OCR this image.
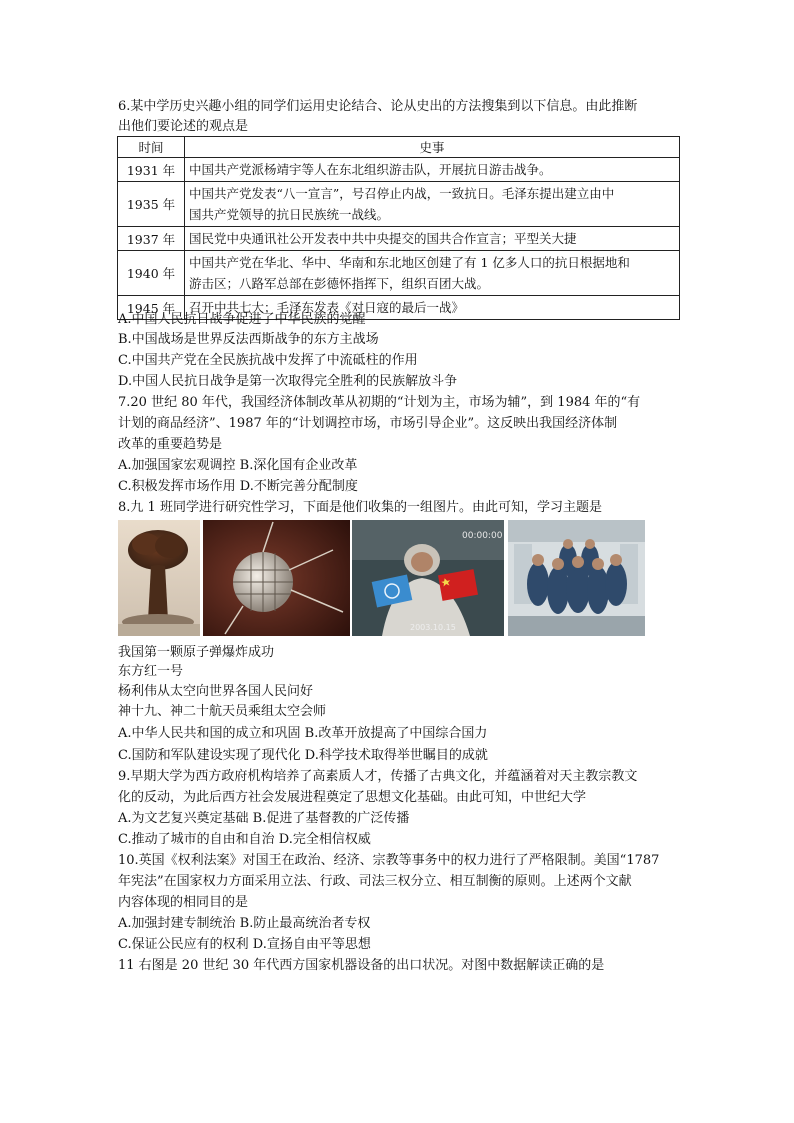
6.某中学历史兴趣小组的同学们运用史论结合、论从史出的方法搜集到以下信息。由此推断
出他们要论述的观点是
时间	史事
1931 年	中国共产党派杨靖宇等人在东北组织游击队，开展抗日游击战争。

1935 年	中国共产党发表“八一宣言”，号召停止内战，一致抗日。毛泽东提出建立由中
国共产党领导的抗日民族统一战线。

1937 年	国民党中央通讯社公开发表中共中央提交的国共合作宣言；平型关大捷

1940 年	中国共产党在华北、华中、华南和东北地区创建了有 1 亿多人口的抗日根据地和
游击区；八路军总部在彭德怀指挥下，组织百团大战。

1945 年	召开中共七大；毛泽东发表《对日寇的最后一战》
A.中国人民抗日战争促进了中华民族的觉醒
B.中国战场是世界反法西斯战争的东方主战场
C.中国共产党在全民族抗战中发挥了中流砥柱的作用
D.中国人民抗日战争是第一次取得完全胜利的民族解放斗争
7.20 世纪 80 年代，我国经济体制改革从初期的“计划为主，市场为辅”，到 1984 年的“有
计划的商品经济”、1987 年的“计划调控市场，市场引导企业”。这反映出我国经济体制
改革的重要趋势是
A.加强国家宏观调控 B.深化国有企业改革
C.积极发挥市场作用 D.不断完善分配制度
8.九 1 班同学进行研究性学习，下面是他们收集的一组图片。由此可知，学习主题是
00:00:00
2003.10.15
我国第一颗原子弹爆炸成功
东方红一号
杨利伟从太空向世界各国人民问好
神十九、神二十航天员乘组太空会师
A.中华人民共和国的成立和巩固 B.改革开放提高了中国综合国力
C.国防和军队建设实现了现代化 D.科学技术取得举世瞩目的成就
9.早期大学为西方政府机构培养了高素质人才，传播了古典文化，并蕴涵着对天主教宗教文
化的反动，为此后西方社会发展进程奠定了思想文化基础。由此可知，中世纪大学
A.为文艺复兴奠定基础 B.促进了基督教的广泛传播
C.推动了城市的自由和自治 D.完全相信权威
10.英国《权利法案》对国王在政治、经济、宗教等事务中的权力进行了严格限制。美国“1787
年宪法”在国家权力方面采用立法、行政、司法三权分立、相互制衡的原则。上述两个文献
内容体现的相同目的是
A.加强封建专制统治 B.防止最高统治者专权
C.保证公民应有的权利 D.宣扬自由平等思想
11 右图是 20 世纪 30 年代西方国家机器设备的出口状况。对图中数据解读正确的是
